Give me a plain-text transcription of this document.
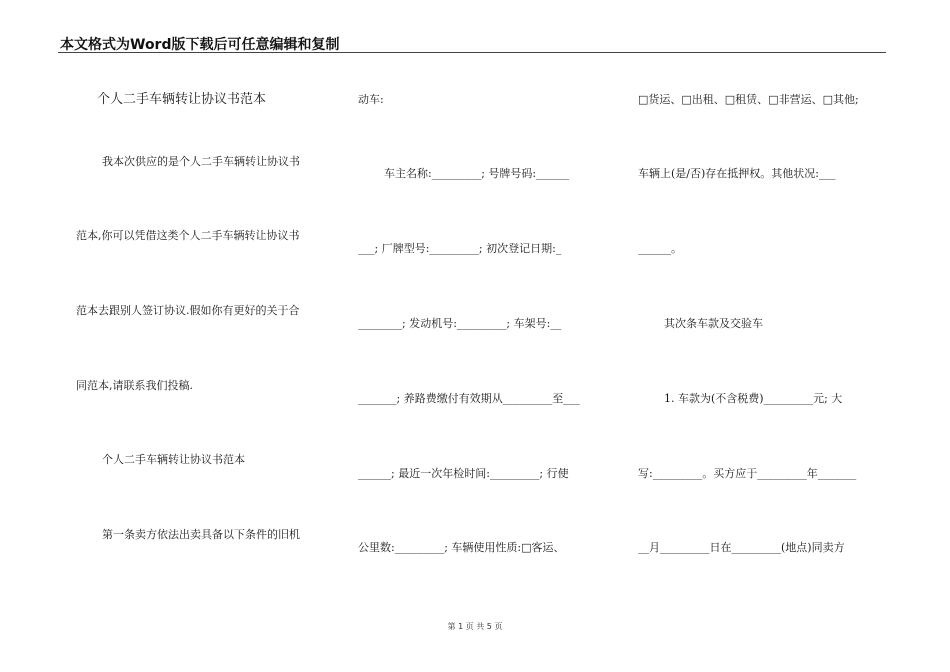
本文格式为Word版下载后可任意编辑和复制
个人二手车辆转让协议书范本
我本次供应的是个人二手车辆转让协议书
范本,你可以凭借这类个人二手车辆转让协议书
范本去跟别人签订协议.假如你有更好的关于合
同范本,请联系我们投稿.
个人二手车辆转让协议书范本
第一条卖方依法出卖具备以下条件的旧机
动车:
车主名称:_________; 号牌号码:______
___; 厂牌型号:_________; 初次登记日期:_
________; 发动机号:_________; 车架号:__
_______; 养路费缴付有效期从_________至___
______; 最近一次年检时间:_________; 行使
公里数:_________; 车辆使用性质:□客运、
□货运、□出租、□租赁、□非营运、□其他;
车辆上(是/否)存在抵押权。其他状况:___
______。
其次条车款及交验车
1. 车款为(不含税费)_________元; 大
写:_________。买方应于_________年_______
__月_________日在_________(地点)同卖方
第 1 页 共 5 页
